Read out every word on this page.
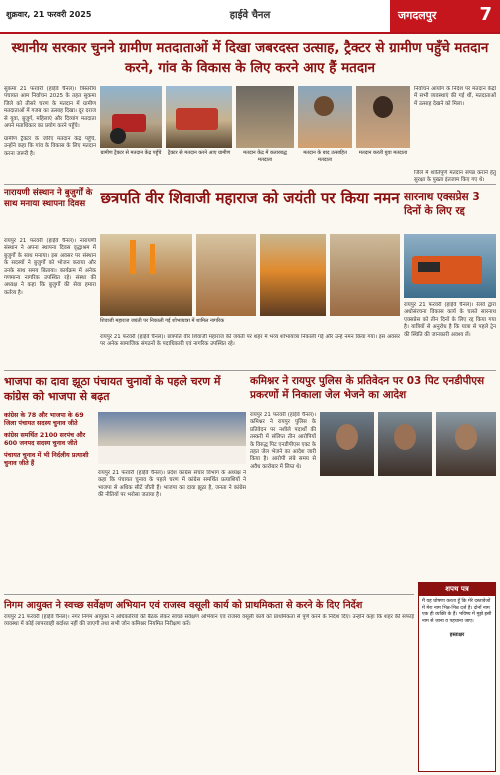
शुक्रवार, 21 फरवरी 2025	हाईवे चैनल	जगदलपुर 7
स्थानीय सरकार चुनने ग्रामीण मतदाताओं में दिखा जबरदस्त उत्साह, ट्रैक्टर से ग्रामीण पहुँचे मतदान करने, गांव के विकास के लिए करने आए हैं मतदान
सुकमा 21 फरवरी (हाईवे चैनल)। त्रिस्तरीय पंचायत आम निर्वाचन 2025 के तहत सुकमा जिले को तीसरे चरण के मतदान में ग्रामीण मतदाताओं में गजब का उत्साह दिखा। दूर दराज से युवा, बुजुर्ग, महिलाएं और दिव्यांग मतदाता अपने मताधिकार का प्रयोग करने पहुँचे।
निर्वाचन आयोग के निर्देश पर मतदान केंद्रों में सभी व्यवस्थाएं की गई थीं, मतदाताओं में उत्साह देखने को मिला।
ग्रामीण ट्रैक्टर से मतदान केंद्र पहुँचे	ट्रैक्टर से मतदान करने आए ग्रामीण	मतदान केंद्र में कतारबद्ध मतदाता
मतदान के बाद उत्साहित मतदाता
मतदान करती युवा मतदाता
ग्रामीण ट्रैक्टर के जरिए मतदान केंद्र पहुँचे, उन्होंने कहा कि गांव के विकास के लिए मतदान करना जरूरी है।
जिले में शांतिपूर्ण मतदान संपन्न कराने हेतु सुरक्षा के पुख्ता इंतजाम किए गए थे।
नारायणी संस्थान ने बुजुर्गों के साथ मनाया स्थापना दिवस
रायपुर 21 फरवरी (हाईवे चैनल)। नारायणी संस्थान ने अपना स्थापना दिवस वृद्धाश्रम में बुजुर्गों के साथ मनाया। इस अवसर पर संस्थान के सदस्यों ने बुजुर्गों को भोजन कराया और उनके साथ समय बिताया। कार्यक्रम में अनेक गणमान्य नागरिक उपस्थित रहे। संस्था की अध्यक्ष ने कहा कि बुजुर्गों की सेवा हमारा कर्तव्य है।
छत्रपति वीर शिवाजी महाराज को जयंती पर किया नमन
शिवाजी महाराज जयंती पर निकाली गई शोभायात्रा में शामिल नागरिक
रायपुर 21 फरवरी (हाईवे चैनल)। छत्रपति वीर शिवाजी महाराज की जयंती पर शहर में भव्य शोभायात्रा निकाली गई और उन्हें नमन किया गया। इस अवसर पर अनेक सामाजिक संगठनों के पदाधिकारी एवं नागरिक उपस्थित रहे।
सारनाथ एक्सप्रेस 3 दिनों के लिए रद्द
रायपुर 21 फरवरी (हाईवे चैनल)। रेलवे द्वारा अधोसंरचना विकास कार्य के चलते सारनाथ एक्सप्रेस को तीन दिनों के लिए रद्द किया गया है। यात्रियों से अनुरोध है कि यात्रा से पहले ट्रेन की स्थिति की जानकारी अवश्य लें।
भाजपा का दावा झूठा पंचायत चुनावों के पहले चरण में कांग्रेस को भाजपा से बढ़त
कांग्रेस के 78 और भाजपा के 69 जिला पंचायत सदस्य चुनाव जीते
कांग्रेस समर्थित 2100 सरपंच और 600 जनपद सदस्य चुनाव जीते
पंचायत चुनाव में भी निर्दलीय प्रत्याशी चुनाव जीते हैं
रायपुर 21 फरवरी (हाईवे चैनल)। प्रदेश कांग्रेस संचार विभाग के अध्यक्ष ने कहा कि पंचायत चुनाव के पहले चरण में कांग्रेस समर्थित प्रत्याशियों ने भाजपा से अधिक सीटें जीती हैं। भाजपा का दावा झूठा है, जनता ने कांग्रेस की नीतियों पर भरोसा जताया है।
कमिश्नर ने रायपुर पुलिस के प्रतिवेदन पर 03 पिट एनडीपीएस प्रकरणों में निकाला जेल भेजने का आदेश
रायपुर 21 फरवरी (हाईवे चैनल)। कमिश्नर ने रायपुर पुलिस के प्रतिवेदन पर नशीले पदार्थों की तस्करी में संलिप्त तीन आरोपियों के विरुद्ध पिट एनडीपीएस एक्ट के तहत जेल भेजने का आदेश जारी किया है। आरोपी लंबे समय से अवैध कारोबार में लिप्त थे।
निगम आयुक्त ने स्वच्छ सर्वेक्षण अभियान एवं राजस्व वसूली कार्य को प्राथमिकता से करने के दिए निर्देश
रायपुर 21 फरवरी (हाईवे चैनल)। नगर निगम आयुक्त ने अधिकारियों की बैठक लेकर स्वच्छ सर्वेक्षण अभियान एवं राजस्व वसूली कार्य को प्राथमिकता से पूर्ण करने के निर्देश दिए। उन्होंने कहा कि शहर की सफाई व्यवस्था में कोई लापरवाही बर्दाश्त नहीं की जाएगी तथा सभी जोन कमिश्नर नियमित निरीक्षण करें।
शपथ पत्र
मैं यह घोषणा करता हूँ कि मेरे दस्तावेजों में मेरा नाम भिन्न-भिन्न दर्ज है। दोनों नाम एक ही व्यक्ति के हैं। भविष्य में मुझे इसी नाम से जाना व पहचाना जाए।
हस्ताक्षर
